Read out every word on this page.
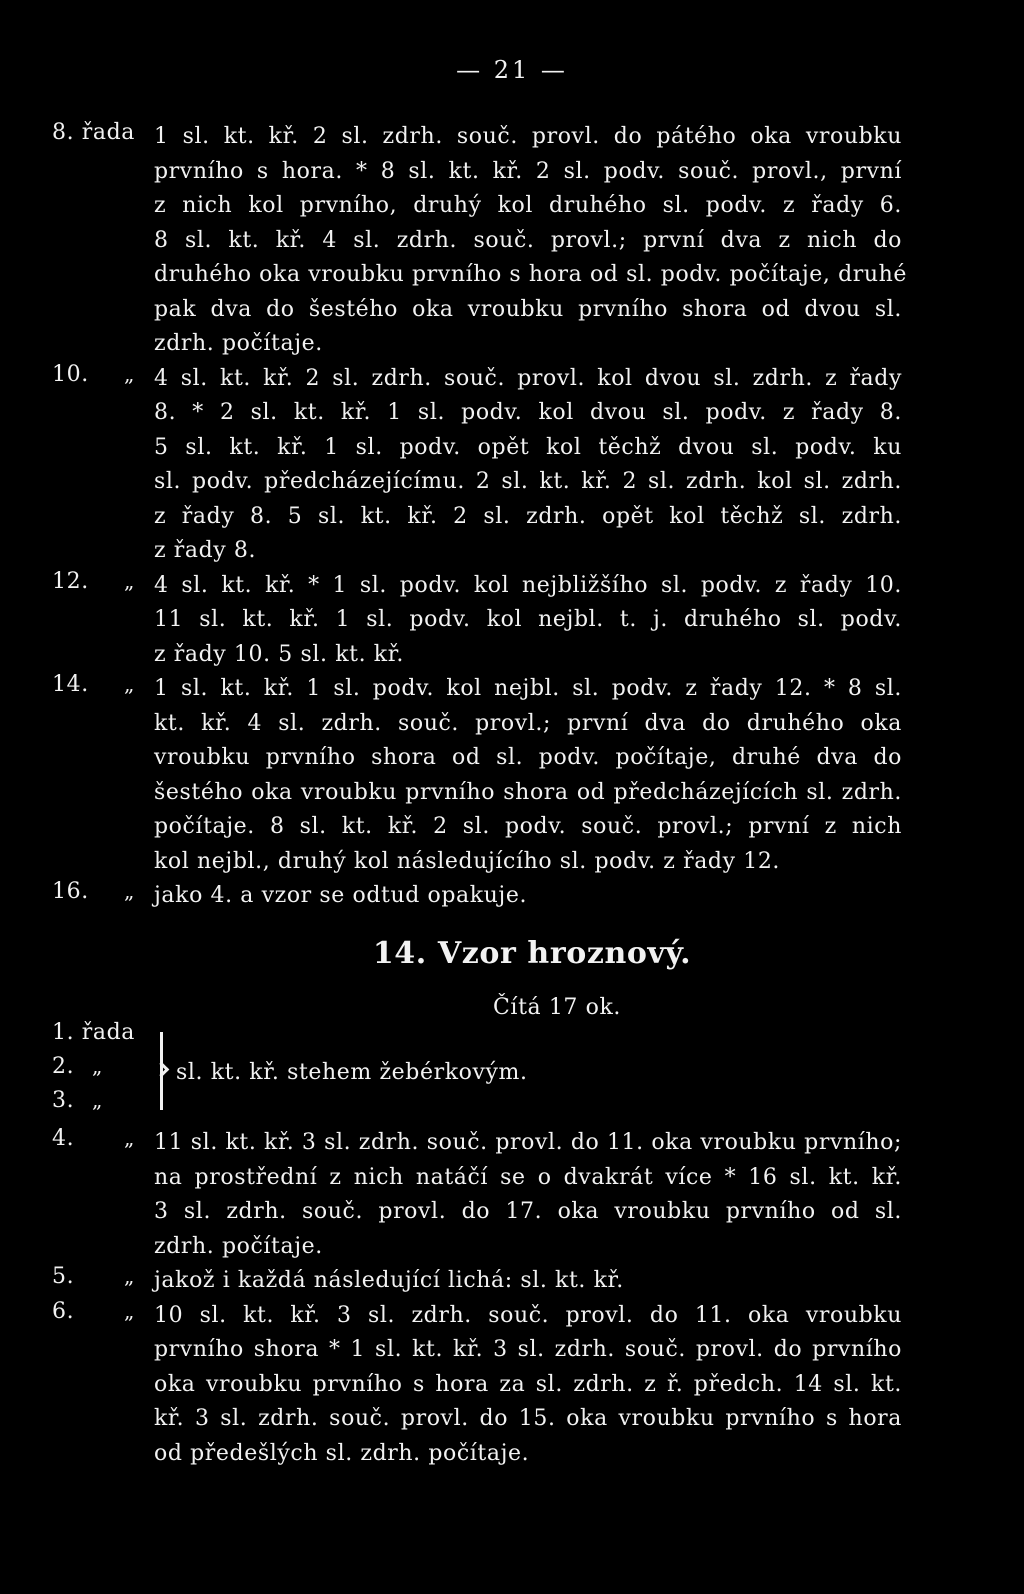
— 21 —
8. řada 1 sl. kt. kř. 2 sl. zdrh. souč. provl. do pátého oka vroubku
prvního s hora. * 8 sl. kt. kř. 2 sl. podv. souč. provl., první
z nich kol prvního, druhý kol druhého sl. podv. z řady 6.
8 sl. kt. kř. 4 sl. zdrh. souč. provl.; první dva z nich do
druhého oka vroubku prvního s hora od sl. podv. počítaje, druhé
pak dva do šestého oka vroubku prvního shora od dvou sl.
zdrh. počítaje.
10. „ 4 sl. kt. kř. 2 sl. zdrh. souč. provl. kol dvou sl. zdrh. z řady
8. * 2 sl. kt. kř. 1 sl. podv. kol dvou sl. podv. z řady 8.
5 sl. kt. kř. 1 sl. podv. opět kol těchž dvou sl. podv. ku
sl. podv. předcházejícímu. 2 sl. kt. kř. 2 sl. zdrh. kol sl. zdrh.
z řady 8. 5 sl. kt. kř. 2 sl. zdrh. opět kol těchž sl. zdrh.
z řady 8.
12. „ 4 sl. kt. kř. * 1 sl. podv. kol nejbližšího sl. podv. z řady 10.
11 sl. kt. kř. 1 sl. podv. kol nejbl. t. j. druhého sl. podv.
z řady 10. 5 sl. kt. kř.
14. „ 1 sl. kt. kř. 1 sl. podv. kol nejbl. sl. podv. z řady 12. * 8 sl.
kt. kř. 4 sl. zdrh. souč. provl.; první dva do druhého oka
vroubku prvního shora od sl. podv. počítaje, druhé dva do
šestého oka vroubku prvního shora od předcházejících sl. zdrh.
počítaje. 8 sl. kt. kř. 2 sl. podv. souč. provl.; první z nich
kol nejbl., druhý kol následujícího sl. podv. z řady 12.
16. „ jako 4. a vzor se odtud opakuje.
14. Vzor hroznový.
Čítá 17 ok.
1. řada
2. „
3. „
sl. kt. kř. stehem žebérkovým.
4. „ 11 sl. kt. kř. 3 sl. zdrh. souč. provl. do 11. oka vroubku prvního;
na prostřední z nich natáčí se o dvakrát více * 16 sl. kt. kř.
3 sl. zdrh. souč. provl. do 17. oka vroubku prvního od sl.
zdrh. počítaje.
5. „ jakož i každá následující lichá: sl. kt. kř.
6. „ 10 sl. kt. kř. 3 sl. zdrh. souč. provl. do 11. oka vroubku
prvního shora * 1 sl. kt. kř. 3 sl. zdrh. souč. provl. do prvního
oka vroubku prvního s hora za sl. zdrh. z ř. předch. 14 sl. kt.
kř. 3 sl. zdrh. souč. provl. do 15. oka vroubku prvního s hora
od předešlých sl. zdrh. počítaje.
